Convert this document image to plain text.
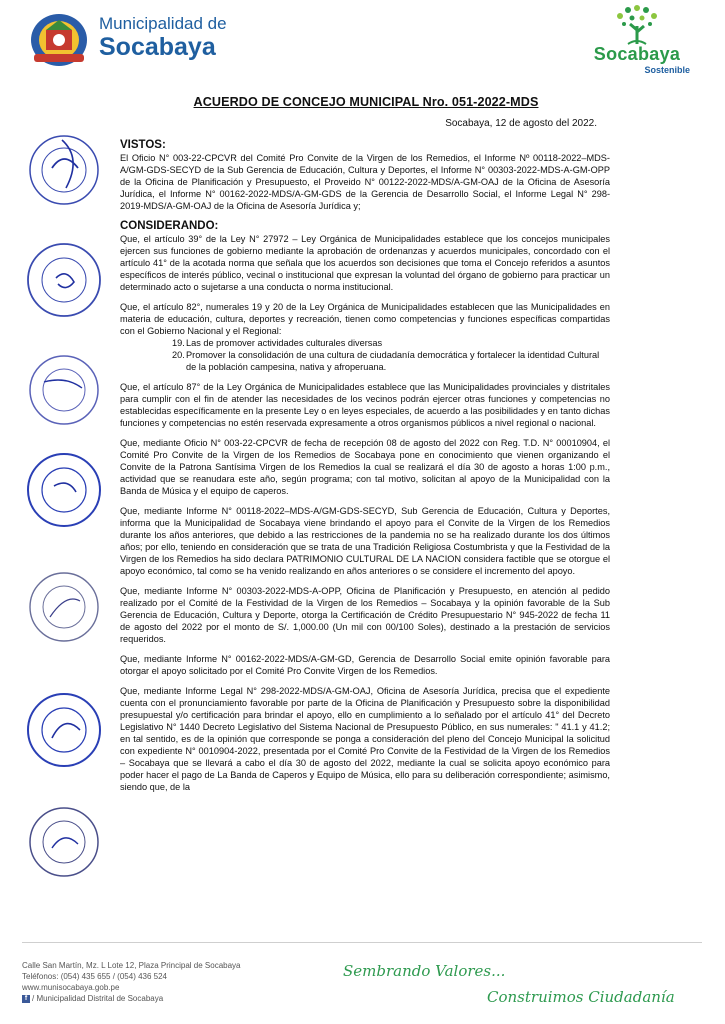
Municipalidad de
Socabaya	Socabaya
Sostenible
ACUERDO DE CONCEJO MUNICIPAL Nro. 051-2022-MDS
Socabaya, 12 de agosto del 2022.
VISTOS:

El Oficio N° 003-22-CPCVR del Comité Pro Convite de la Virgen de los Remedios, el Informe Nº 00118-2022–MDS-A/GM-GDS-SECYD de la Sub Gerencia de Educación, Cultura y Deportes, el Informe N° 00303-2022-MDS-A-GM-OPP de la Oficina de Planificación y Presupuesto, el Proveido N° 00122-2022-MDS/A-GM-OAJ de la Oficina de Asesoría Jurídica, el Informe N° 00162-2022-MDS/A-GM-GDS de la Gerencia de Desarrollo Social, el Informe Legal N° 298-2019-MDS/A-GM-OAJ de la Oficina de Asesoría Jurídica y;

CONSIDERANDO:

Que, el artículo 39° de la Ley N° 27972 – Ley Orgánica de Municipalidades establece que los concejos municipales ejercen sus funciones de gobierno mediante la aprobación de ordenanzas y acuerdos municipales, concordado con el artículo 41° de la acotada norma que señala que los acuerdos son decisiones que toma el Concejo referidos a asuntos específicos de interés público, vecinal o institucional que expresan la voluntad del órgano de gobierno para practicar un determinado acto o sujetarse a una conducta o norma institucional.

Que, el artículo 82°, numerales 19 y 20 de la Ley Orgánica de Municipalidades establecen que las Municipalidades en materia de educación, cultura, deportes y recreación, tienen como competencias y funciones específicas compartidas con el Gobierno Nacional y el Regional:

19. Las de promover actividades culturales diversas
20. Promover la consolidación de una cultura de ciudadanía democrática y fortalecer la identidad Cultural de la población campesina, nativa y afroperuana.

Que, el artículo 87° de la Ley Orgánica de Municipalidades establece que las Municipalidades provinciales y distritales para cumplir con el fin de atender las necesidades de los vecinos podrán ejercer otras funciones y competencias no establecidas específicamente en la presente Ley o en leyes especiales, de acuerdo a las posibilidades y en tanto dichas funciones y competencias no estén reservada expresamente a otros organismos públicos a nivel regional o nacional.

Que, mediante Oficio N° 003-22-CPCVR de fecha de recepción 08 de agosto del 2022 con Reg. T.D. N° 00010904, el Comité Pro Convite de la Virgen de los Remedios de Socabaya pone en conocimiento que vienen organizando el Convite de la Patrona Santísima Virgen de los Remedios la cual se realizará el día 30 de agosto a horas 1:00 p.m., actividad que se reanudara este año, según programa; con tal motivo, solicitan al apoyo de la Municipalidad con la Banda de Música y el equipo de caperos.

Que, mediante Informe N° 00118-2022–MDS-A/GM-GDS-SECYD, Sub Gerencia de Educación, Cultura y Deportes, informa que la Municipalidad de Socabaya viene brindando el apoyo para el Convite de la Virgen de los Remedios durante los años anteriores, que debido a las restricciones de la pandemia no se ha realizado durante los dos últimos años; por ello, teniendo en consideración que se trata de una Tradición Religiosa Costumbrista y que la Festividad de la Virgen de los Remedios ha sido declara PATRIMONIO CULTURAL DE LA NACION considera factible que se otorgue el apoyo económico, tal como se ha venido realizando en años anteriores o se considere el incremento del apoyo.

Que, mediante Informe N° 00303-2022-MDS-A-OPP, Oficina de Planificación y Presupuesto, en atención al pedido realizado por el Comité de la Festividad de la Virgen de los Remedios – Socabaya y la opinión favorable de la Sub Gerencia de Educación, Cultura y Deporte, otorga la Certificación de Crédito Presupuestario N° 945-2022 de fecha 11 de agosto del 2022 por el monto de S/. 1,000.00 (Un mil con 00/100 Soles), destinado a la prestación de servicios requeridos.

Que, mediante Informe N° 00162-2022-MDS/A-GM-GD, Gerencia de Desarrollo Social emite opinión favorable para otorgar el apoyo solicitado por el Comité Pro Convite Virgen de los Remedios.

Que, mediante Informe Legal N° 298-2022-MDS/A-GM-OAJ, Oficina de Asesoría Jurídica, precisa que el expediente cuenta con el pronunciamiento favorable por parte de la Oficina de Planificación y Presupuesto sobre la disponibilidad presupuestal y/o certificación para brindar el apoyo, ello en cumplimiento a lo señalado por el artículo 41° del Decreto Legislativo N° 1440 Decreto Legislativo del Sistema Nacional de Presupuesto Público, en sus numerales: " 41.1 y 41.2; en tal sentido, es de la opinión que corresponde se ponga a consideración del pleno del Concejo Municipal la solicitud con expediente N° 0010904-2022, presentada por el Comité Pro Convite de la Festividad de la Virgen de los Remedios – Socabaya que se llevará a cabo el día 30 de agosto del 2022, mediante la cual se solicita apoyo económico para poder hacer el pago de La Banda de Caperos y Equipo de Música, ello para su deliberación correspondiente; asimismo, siendo que, de la

Calle San Martín, Mz. L Lote 12, Plaza Principal de Socabaya
Teléfonos: (054) 435 655 / (054) 436 524
www.munisocabaya.gob.pe
f / Municipalidad Distrital de Socabaya
Sembrando Valores...
Construimos Ciudadanía
